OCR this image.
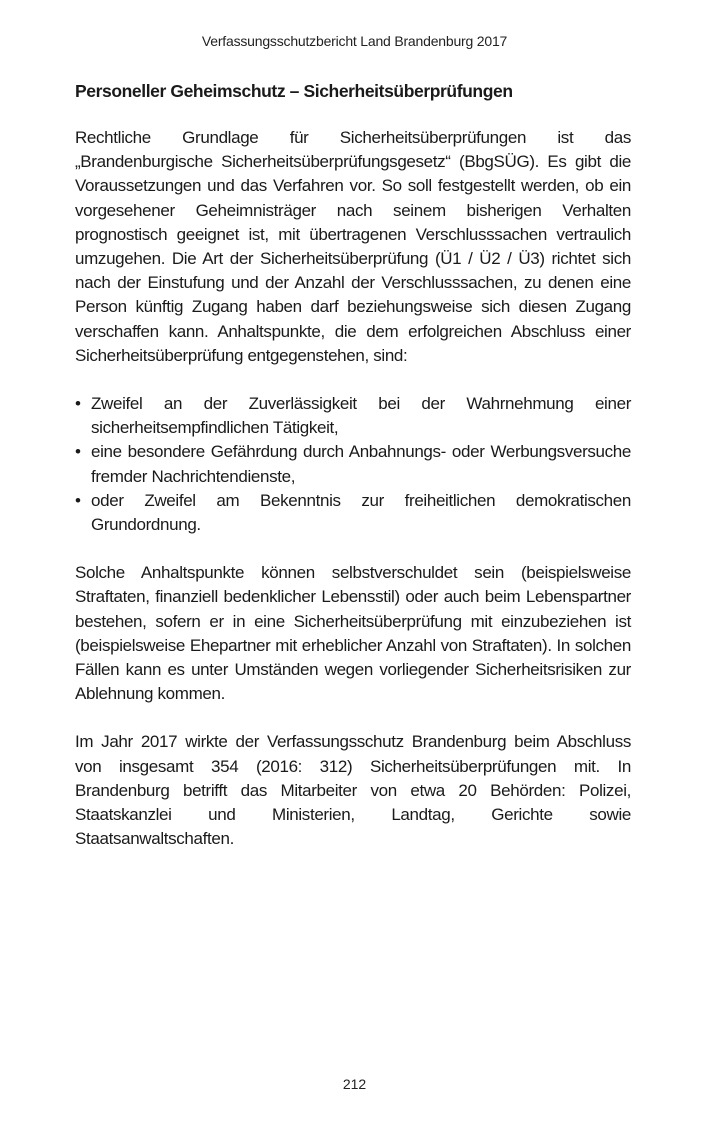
Verfassungsschutzbericht Land Brandenburg 2017
Personeller Geheimschutz – Sicherheitsüberprüfungen

Rechtliche Grundlage für Sicherheitsüberprüfungen ist das „Brandenburgische Sicherheitsüberprüfungsgesetz“ (BbgSÜG). Es gibt die Voraussetzungen und das Verfahren vor. So soll festgestellt werden, ob ein vorgesehener Geheimnisträger nach seinem bisherigen Verhalten prognostisch geeignet ist, mit übertragenen Verschlusssachen vertraulich umzugehen. Die Art der Sicherheitsüberprüfung (Ü1 / Ü2 / Ü3) richtet sich nach der Einstufung und der Anzahl der Verschlusssachen, zu denen eine Person künftig Zugang haben darf beziehungsweise sich diesen Zugang verschaffen kann. Anhaltspunkte, die dem erfolgreichen Abschluss einer Sicherheitsüberprüfung entgegenstehen, sind:

• Zweifel an der Zuverlässigkeit bei der Wahrnehmung einer sicherheitsempfindlichen Tätigkeit,
• eine besondere Gefährdung durch Anbahnungs- oder Werbungsversuche fremder Nachrichtendienste,
• oder Zweifel am Bekenntnis zur freiheitlichen demokratischen Grundordnung.

Solche Anhaltspunkte können selbstverschuldet sein (beispielsweise Straftaten, finanziell bedenklicher Lebensstil) oder auch beim Lebenspartner bestehen, sofern er in eine Sicherheitsüberprüfung mit einzubeziehen ist (beispielsweise Ehepartner mit erheblicher Anzahl von Straftaten). In solchen Fällen kann es unter Umständen wegen vorliegender Sicherheitsrisiken zur Ablehnung kommen.

Im Jahr 2017 wirkte der Verfassungsschutz Brandenburg beim Abschluss von insgesamt 354 (2016: 312) Sicherheitsüberprüfungen mit. In Brandenburg betrifft das Mitarbeiter von etwa 20 Behörden: Polizei, Staatskanzlei und Ministerien, Landtag, Gerichte sowie Staatsanwaltschaften.

212
